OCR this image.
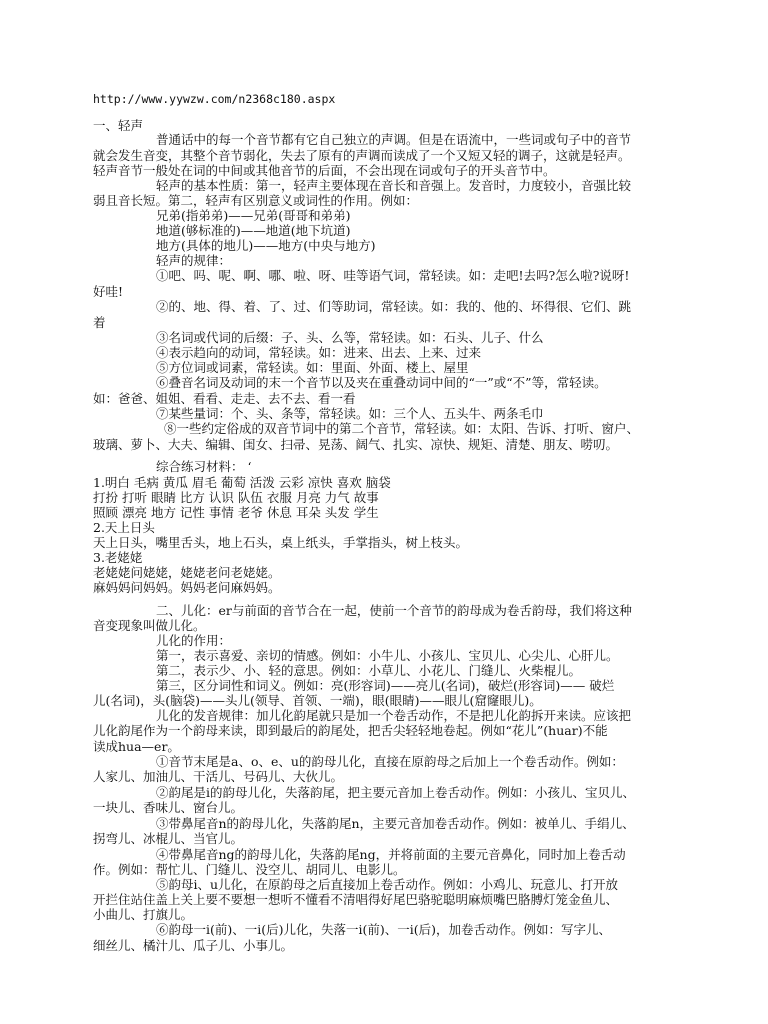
http://www.yywzw.com/n2368c180.aspx

一、轻声

普通话中的每一个音节都有它自己独立的声调。但是在语流中，一些词或句子中的音节

就会发生音变，其整个音节弱化，失去了原有的声调而读成了一个又短又轻的调子，这就是轻声。

轻声音节一般处在词的中间或其他音节的后面，不会出现在词或句子的开头音节中。

轻声的基本性质：第一，轻声主要体现在音长和音强上。发音时，力度较小，音强比较

弱且音长短。第二，轻声有区别意义或词性的作用。例如：

兄弟(指弟弟)——兄弟(哥哥和弟弟)

地道(够标准的)——地道(地下坑道)

地方(具体的地儿)——地方(中央与地方)

轻声的规律：

①吧、吗、呢、啊、哪、啦、呀、哇等语气词，常轻读。如：走吧!去吗?怎么啦?说呀!

好哇!

②的、地、得、着、了、过、们等助词，常轻读。如：我的、他的、坏得很、它们、跳

着

③名词或代词的后缀：子、头、么等，常轻读。如：石头、儿子、什么

④表示趋向的动词，常轻读。如：进来、出去、上来、过来

⑤方位词或词素，常轻读。如：里面、外面、楼上、屋里

⑥叠音名词及动词的末一个音节以及夹在重叠动词中间的“一”或“不”等，常轻读。

如：爸爸、姐姐、看看、走走、去不去、看一看

⑦某些量词：个、头、条等，常轻读。如：三个人、五头牛、两条毛巾

⑧一些约定俗成的双音节词中的第二个音节，常轻读。如：太阳、告诉、打听、窗户、

玻璃、萝卜、大夫、编辑、闺女、扫帚、晃荡、阔气、扎实、凉快、规矩、清楚、朋友、唠叨。

综合练习材料： ‘

1.明白 毛病 黄瓜 眉毛 葡萄 活泼 云彩 凉快 喜欢 脑袋

打扮 打听 眼睛 比方 认识 队伍 衣服 月亮 力气 故事

照顾 漂亮 地方 记性 事情 老爷 休息 耳朵 头发 学生

2.天上日头

天上日头，嘴里舌头，地上石头，桌上纸头，手掌指头，树上枝头。

3.老姥姥

老姥姥问姥姥，姥姥老问老姥姥。

麻妈妈问妈妈。妈妈老问麻妈妈。

二、儿化：er与前面的音节合在一起，使前一个音节的韵母成为卷舌韵母，我们将这种

音变现象叫做儿化。

儿化的作用：

第一，表示喜爱、亲切的情感。例如：小牛儿、小孩儿、宝贝儿、心尖儿、心肝儿。

第二，表示少、小、轻的意思。例如：小草儿、小花儿、门缝儿、火柴棍儿。

第三，区分词性和词义。例如：亮(形容词)——亮儿(名词)，破烂(形容词)—— 破烂

儿(名词)，头(脑袋)——头儿(领导、首领、一端)，眼(眼睛)——眼儿(窟窿眼儿)。

儿化的发音规律：加儿化韵尾就只是加一个卷舌动作，不是把儿化韵拆开来读。应该把

儿化韵尾作为一个韵母来读，即到最后的韵尾处，把舌尖轻轻地卷起。例如“花儿”(huar)不能

读成hua—er。

①音节末尾是a、o、e、u的韵母儿化，直接在原韵母之后加上一个卷舌动作。例如：

人家儿、加油儿、干活儿、号码儿、大伙儿。

②韵尾是i的韵母儿化，失落韵尾，把主要元音加上卷舌动作。例如：小孩儿、宝贝儿、

一块儿、香味儿、窗台儿。

③带鼻尾音n的韵母儿化，失落韵尾n，主要元音加卷舌动作。例如：被单儿、手绢儿、

拐弯儿、冰棍儿、当官儿。

④带鼻尾音ng的韵母儿化，失落韵尾ng，并将前面的主要元音鼻化，同时加上卷舌动

作。例如：帮忙儿、门缝儿、没空儿、胡同儿、电影儿。

⑤韵母i、u儿化，在原韵母之后直接加上卷舌动作。例如：小鸡儿、玩意儿、打开放

开拦住站住盖上关上要不要想一想听不懂看不清唱得好尾巴骆驼聪明麻烦嘴巴胳膊灯笼金鱼儿、

小曲儿、打旗儿。

⑥韵母一i(前)、一i(后)儿化，失落一i(前)、一i(后)，加卷舌动作。例如：写字儿、

细丝儿、橘汁儿、瓜子儿、小事儿。
